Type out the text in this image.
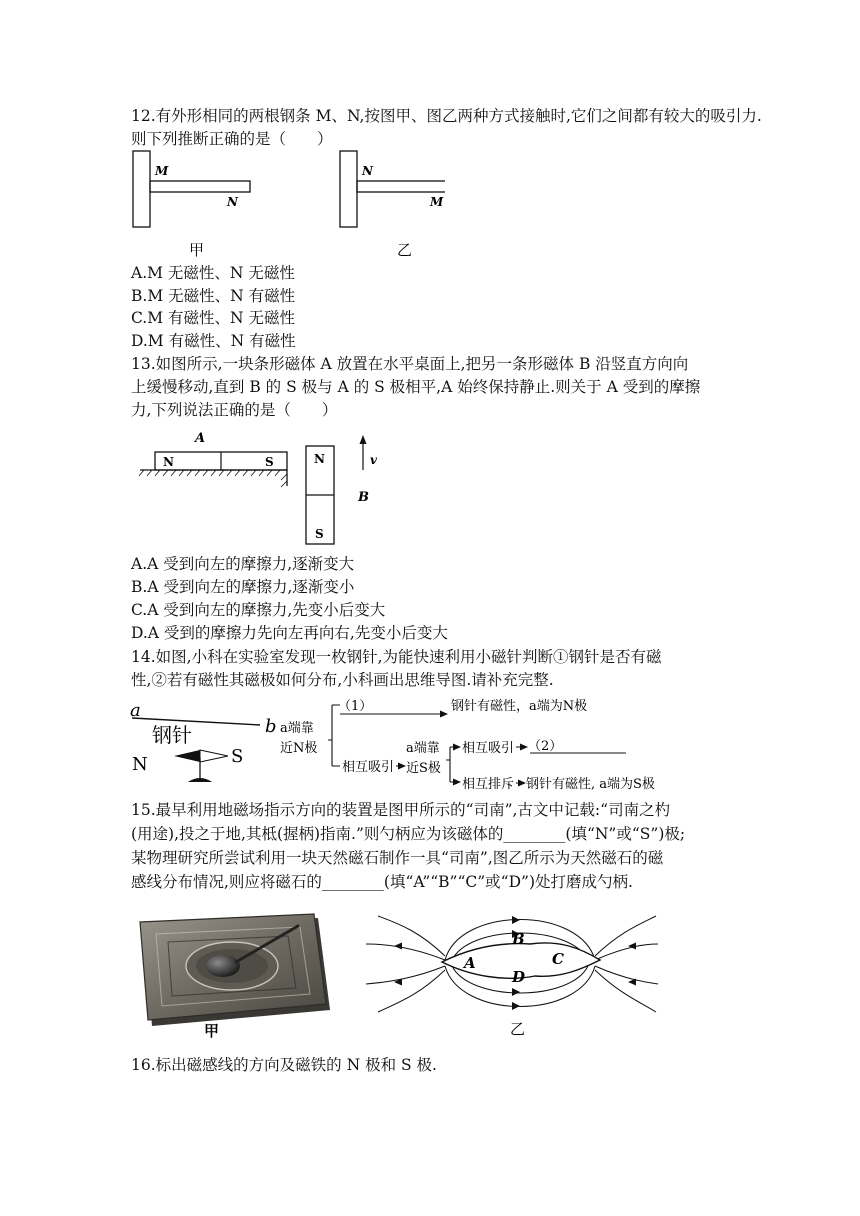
12.有外形相同的两根钢条 M、N,按图甲、图乙两种方式接触时,它们之间都有较大的吸引力.
则下列推断正确的是（　　）
M
N
甲
N
M
乙
A.M 无磁性、N 无磁性
B.M 无磁性、N 有磁性
C.M 有磁性、N 无磁性
D.M 有磁性、N 有磁性
13.如图所示,一块条形磁体 A 放置在水平桌面上,把另一条形磁体 B 沿竖直方向向
上缓慢移动,直到 B 的 S 极与 A 的 S 极相平,A 始终保持静止.则关于 A 受到的摩擦
力,下列说法正确的是（　　）
A
N	S	N
S
v
B
A.A 受到向左的摩擦力,逐渐变大
B.A 受到向左的摩擦力,逐渐变小
C.A 受到向左的摩擦力,先变小后变大
D.A 受到的摩擦力先向左再向右,先变小后变大
14.如图,小科在实验室发现一枚钢针,为能快速利用小磁针判断①钢针是否有磁
性,②若有磁性其磁极如何分布,小科画出思维导图.请补充完整.
a
b
钢针
N	S
a端靠
近N极
（1）	钢针有磁性，a端为N极
相互吸引
a端靠
近S极
相互吸引 （2）
相互排斥 钢针有磁性, a端为S极
15.最早利用地磁场指示方向的装置是图甲所示的“司南”,古文中记载:“司南之杓
(用途),投之于地,其柢(握柄)指南.”则勺柄应为该磁体的________(填“N”或“S”)极;
某物理研究所尝试利用一块天然磁石制作一具“司南”,图乙所示为天然磁石的磁
感线分布情况,则应将磁石的________(填“A”“B”“C”或“D”)处打磨成勺柄.
甲
A
B
C
D
乙
16.标出磁感线的方向及磁铁的 N 极和 S 极.
